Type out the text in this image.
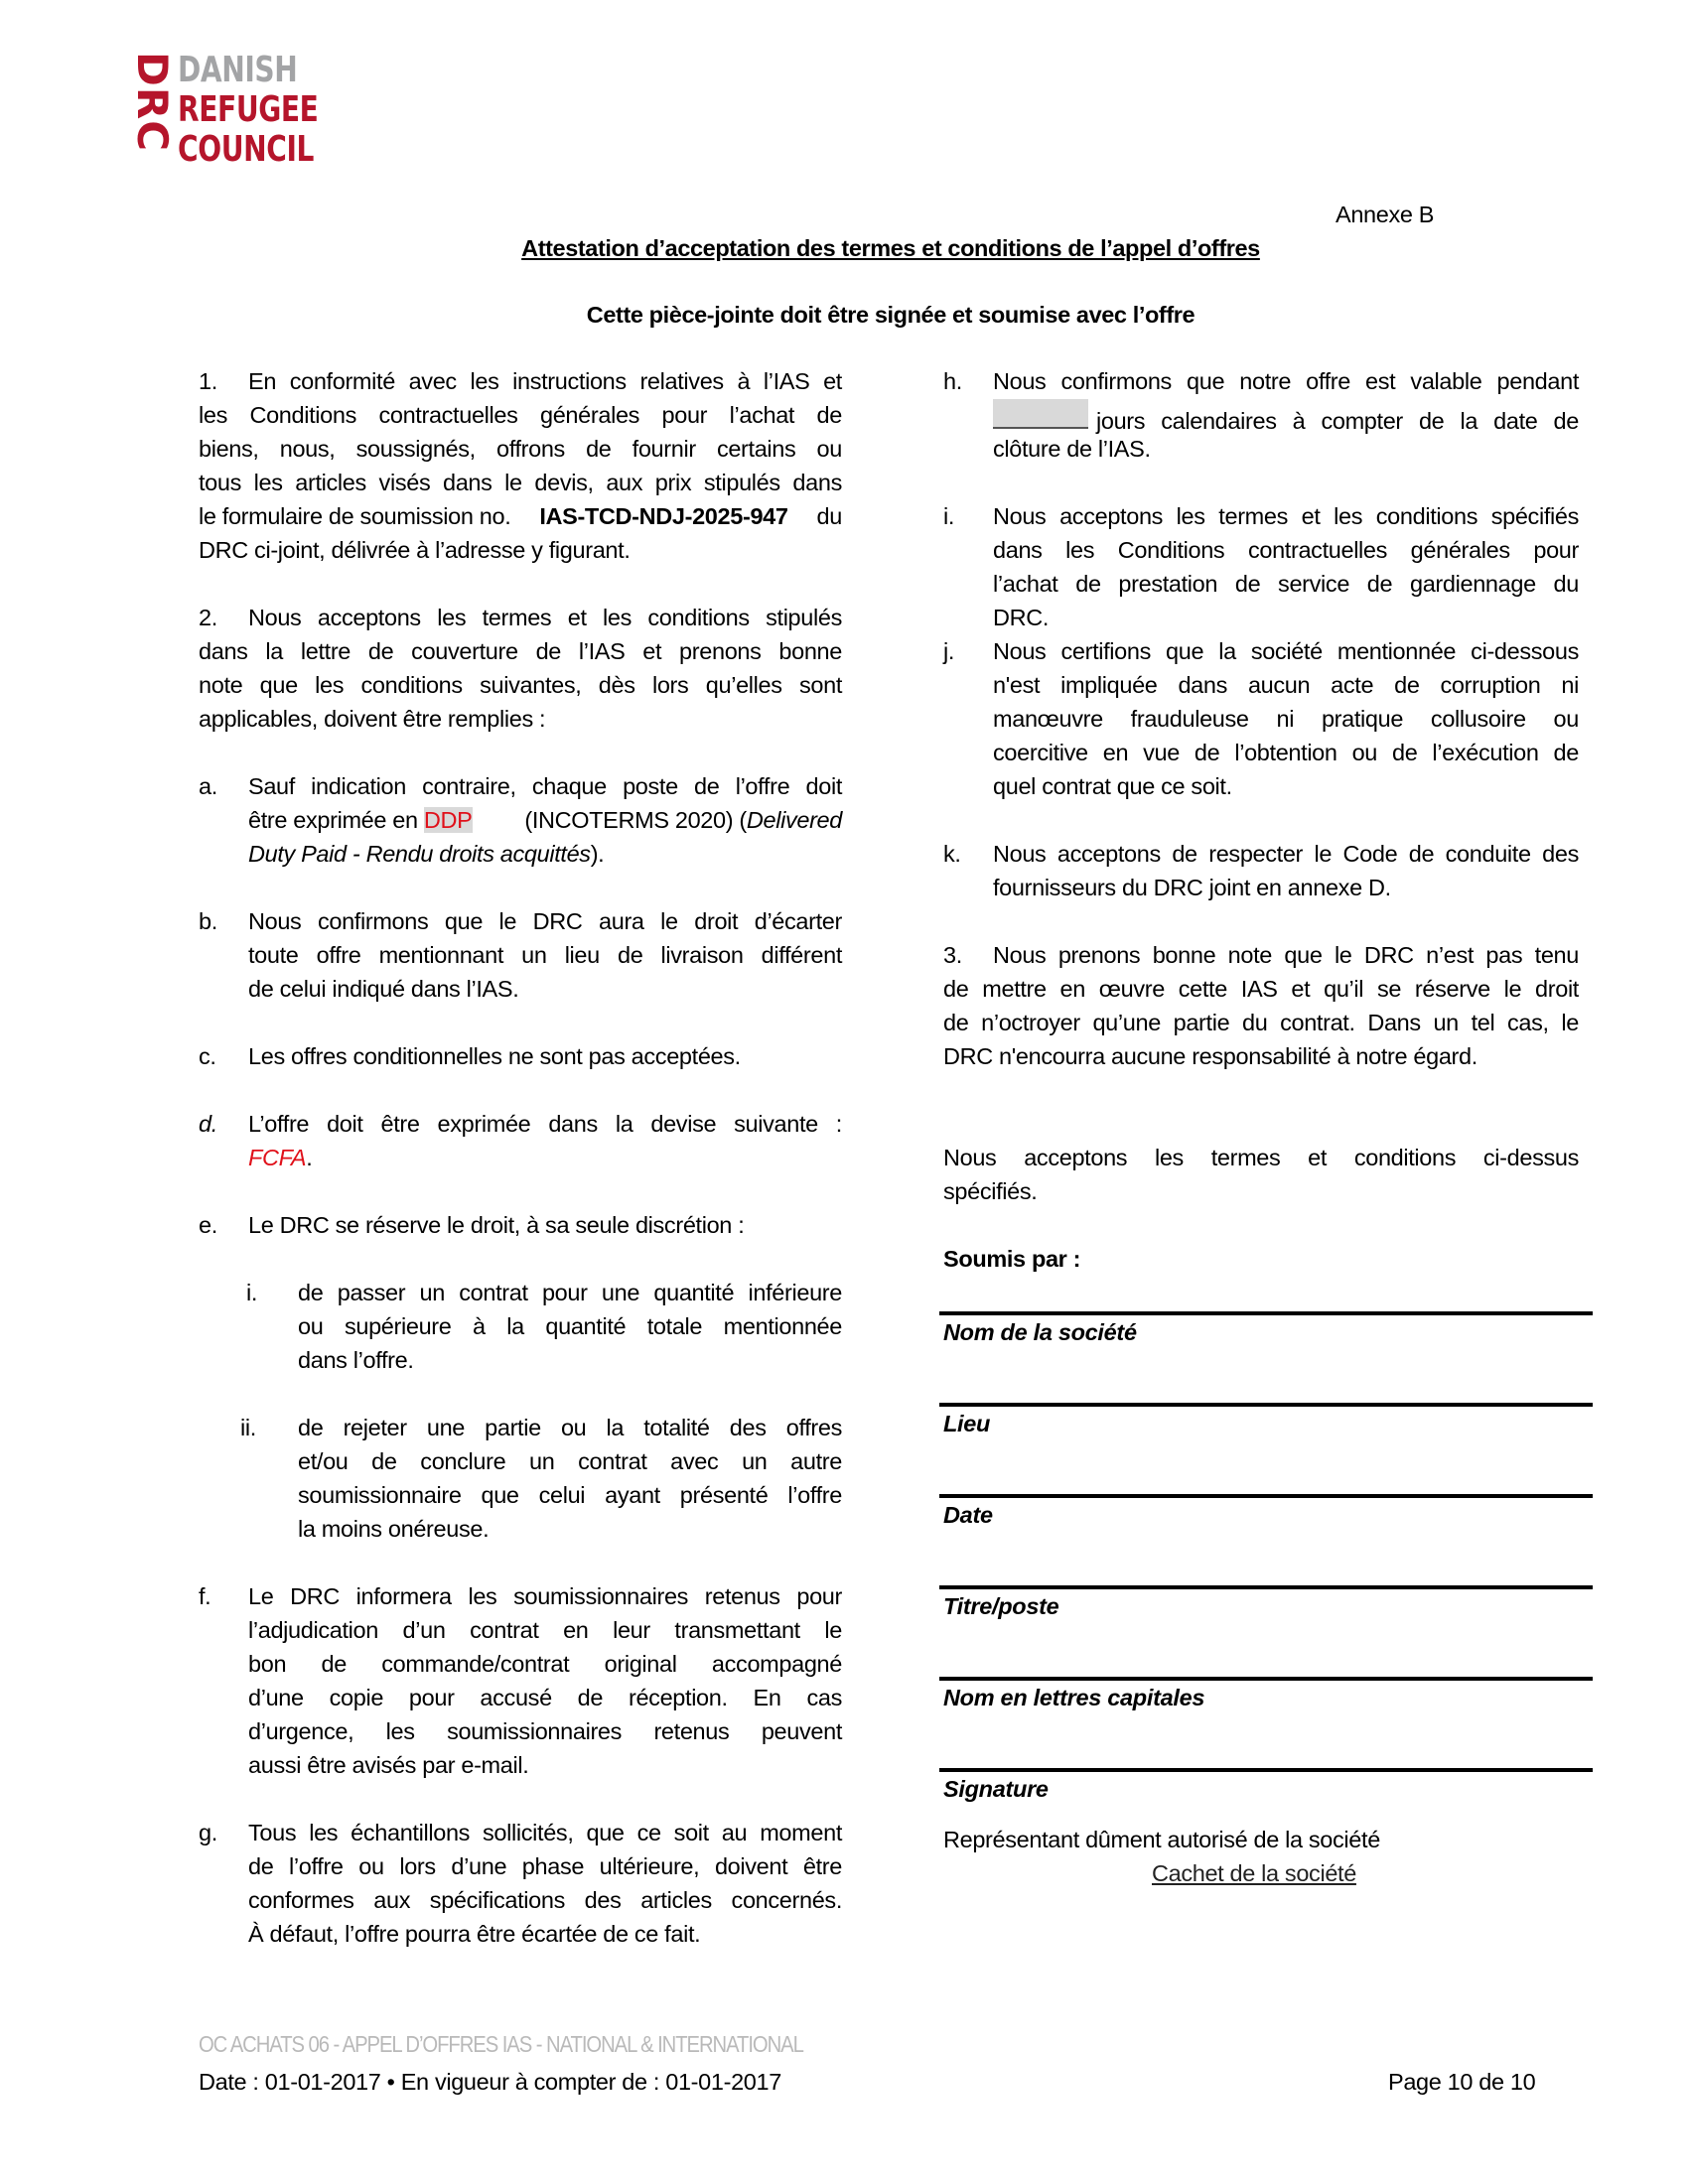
DRC DANISH
REFUGEE
COUNCIL
Annexe B
Attestation d’acceptation des termes et conditions de l’appel d’offres
Cette pièce-jointe doit être signée et soumise avec l’offre
1. En conformité avec les instructions relatives à l’IAS et
les Conditions contractuelles générales pour l’achat de
biens, nous, soussignés, offrons de fournir certains ou
tous les articles visés dans le devis, aux prix stipulés dans
le formulaire de soumission no. IAS-TCD-NDJ-2025-947 du
DRC ci-joint, délivrée à l’adresse y figurant.
2. Nous acceptons les termes et les conditions stipulés
dans la lettre de couverture de l’IAS et prenons bonne
note que les conditions suivantes, dès lors qu’elles sont
applicables, doivent être remplies :
a. Sauf indication contraire, chaque poste de l’offre doit
être exprimée en DDP (INCOTERMS 2020) (Delivered
Duty Paid - Rendu droits acquittés).
b. Nous confirmons que le DRC aura le droit d’écarter
toute offre mentionnant un lieu de livraison différent
de celui indiqué dans l’IAS.
c. Les offres conditionnelles ne sont pas acceptées.
d. L’offre doit être exprimée dans la devise suivante :
FCFA.
e. Le DRC se réserve le droit, à sa seule discrétion :
i. de passer un contrat pour une quantité inférieure
ou supérieure à la quantité totale mentionnée
dans l’offre.
ii. de rejeter une partie ou la totalité des offres
et/ou de conclure un contrat avec un autre
soumissionnaire que celui ayant présenté l’offre
la moins onéreuse.
f. Le DRC informera les soumissionnaires retenus pour
l’adjudication d’un contrat en leur transmettant le
bon de commande/contrat original accompagné
d’une copie pour accusé de réception. En cas
d’urgence, les soumissionnaires retenus peuvent
aussi être avisés par e-mail.
g. Tous les échantillons sollicités, que ce soit au moment
de l’offre ou lors d’une phase ultérieure, doivent être
conformes aux spécifications des articles concernés.
À défaut, l’offre pourra être écartée de ce fait.
h. Nous confirmons que notre offre est valable pendant
jours calendaires à compter de la date de
clôture de l’IAS.
i. Nous acceptons les termes et les conditions spécifiés
dans les Conditions contractuelles générales pour
l’achat de prestation de service de gardiennage du
DRC.
j. Nous certifions que la société mentionnée ci-dessous
n'est impliquée dans aucun acte de corruption ni
manœuvre frauduleuse ni pratique collusoire ou
coercitive en vue de l’obtention ou de l’exécution de
quel contrat que ce soit.
k. Nous acceptons de respecter le Code de conduite des
fournisseurs du DRC joint en annexe D.
3. Nous prenons bonne note que le DRC n’est pas tenu
de mettre en œuvre cette IAS et qu’il se réserve le droit
de n’octroyer qu’une partie du contrat. Dans un tel cas, le
DRC n'encourra aucune responsabilité à notre égard.
Nous acceptons les termes et conditions ci-dessus
spécifiés.
Soumis par :
Nom de la société
Lieu
Date
Titre/poste
Nom en lettres capitales
Signature
Représentant dûment autorisé de la société
Cachet de la société
OC ACHATS 06 - APPEL D’OFFRES IAS - NATIONAL & INTERNATIONAL
Date : 01-01-2017 • En vigueur à compter de : 01-01-2017	Page 10 de 10
